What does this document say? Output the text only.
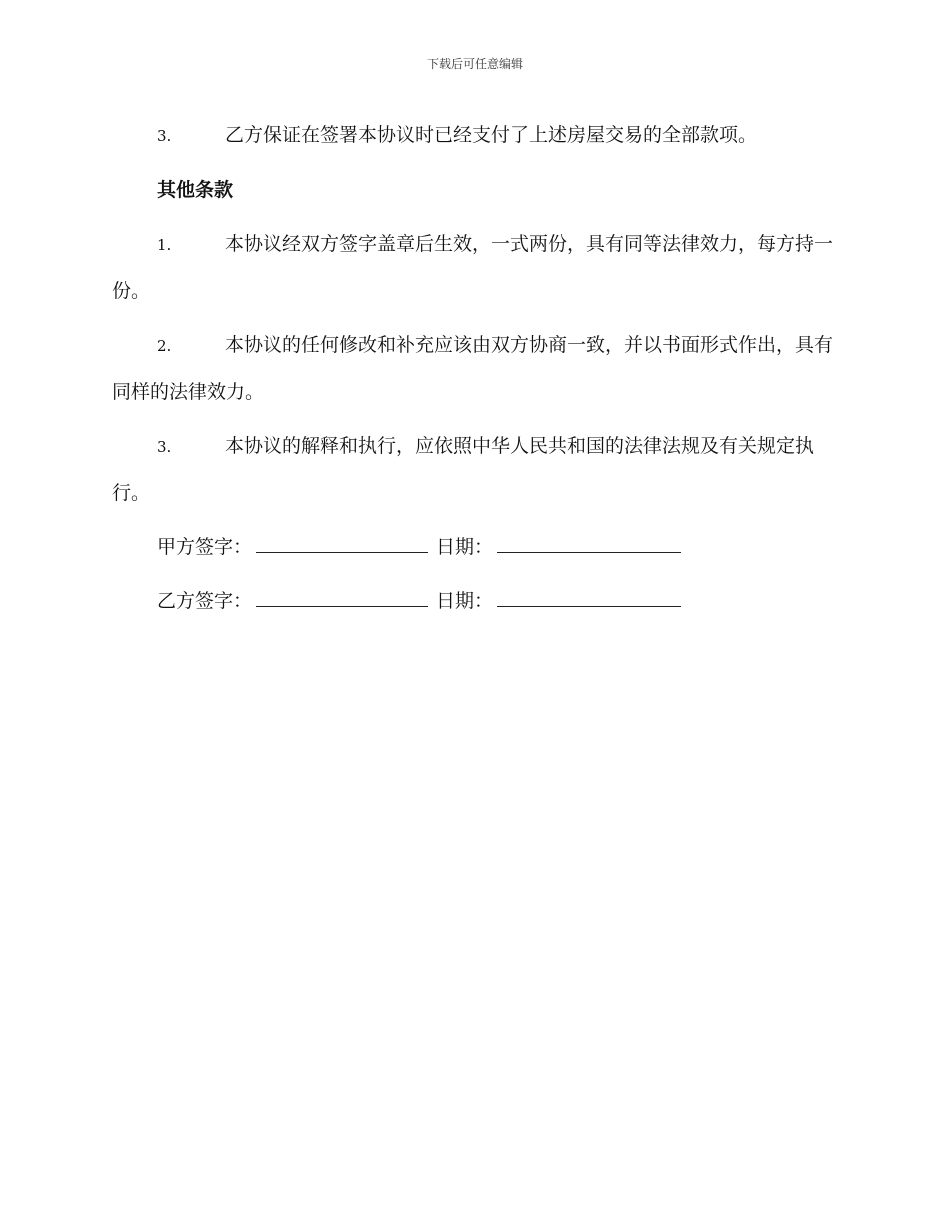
下载后可任意编辑

3.	乙方保证在签署本协议时已经支付了上述房屋交易的全部款项。

其他条款

1.	本协议经双方签字盖章后生效，一式两份，具有同等法律效力，每方持一份。

2.	本协议的任何修改和补充应该由双方协商一致，并以书面形式作出，具有同样的法律效力。

3.	本协议的解释和执行，应依照中华人民共和国的法律法规及有关规定执行。

甲方签字：	日期：
乙方签字：	日期：
